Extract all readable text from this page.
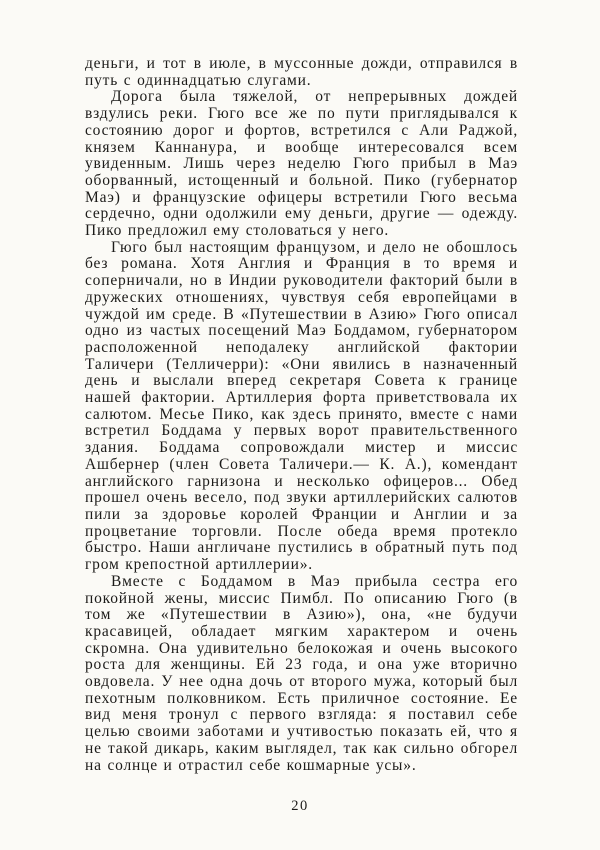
деньги, и тот в июле, в муссонные дожди, отправился в путь с одиннадцатью слугами.

Дорога была тяжелой, от непрерывных дождей вздулись реки. Гюго все же по пути приглядывался к состоянию дорог и фортов, встретился с Али Раджой, князем Каннанура, и вообще интересовался всем увиденным. Лишь через неделю Гюго прибыл в Маэ оборванный, истощенный и больной. Пико (губернатор Маэ) и французские офицеры встретили Гюго весьма сердечно, одни одолжили ему деньги, другие — одежду. Пико предложил ему столоваться у него.

Гюго был настоящим французом, и дело не обошлось без романа. Хотя Англия и Франция в то время и соперничали, но в Индии руководители факторий были в дружеских отношениях, чувствуя себя европейцами в чуждой им среде. В «Путешествии в Азию» Гюго описал одно из частых посещений Маэ Боддамом, губернатором расположенной неподалеку английской фактории Таличери (Телличерри): «Они явились в назначенный день и выслали вперед секретаря Совета к границе нашей фактории. Артиллерия форта приветствовала их салютом. Месье Пико, как здесь принято, вместе с нами встретил Боддама у первых ворот правительственного здания. Боддама сопровождали мистер и миссис Ашбернер (член Совета Таличери.— К. А.), комендант английского гарнизона и несколько офицеров... Обед прошел очень весело, под звуки артиллерийских салютов пили за здоровье королей Франции и Англии и за процветание торговли. После обеда время протекло быстро. Наши англичане пустились в обратный путь под гром крепостной артиллерии».

Вместе с Боддамом в Маэ прибыла сестра его покойной жены, миссис Пимбл. По описанию Гюго (в том же «Путешествии в Азию»), она, «не будучи красавицей, обладает мягким характером и очень скромна. Она удивительно белокожая и очень высокого роста для женщины. Ей 23 года, и она уже вторично овдовела. У нее одна дочь от второго мужа, который был пехотным полковником. Есть приличное состояние. Ее вид меня тронул с первого взгляда: я поставил себе целью своими заботами и учтивостью показать ей, что я не такой дикарь, каким выглядел, так как сильно обгорел на солнце и отрастил себе кошмарные усы».

20
